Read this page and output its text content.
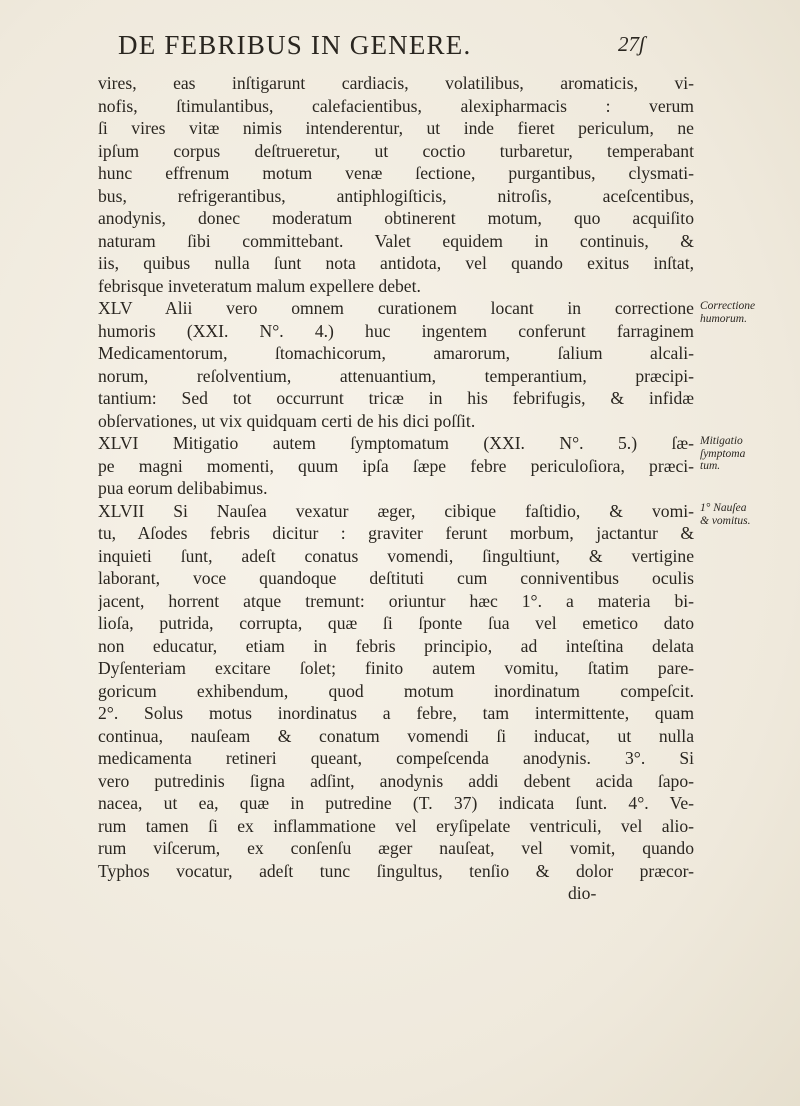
DE FEBRIBUS IN GENERE.	27ʃ
vires, eas inſtigarunt cardiacis, volatilibus, aromaticis, vi-
nofis, ſtimulantibus, calefacientibus, alexipharmacis : verum
ſi vires vitæ nimis intenderentur, ut inde fieret periculum, ne
ipſum corpus deſtrueretur, ut coctio turbaretur, temperabant
hunc effrenum motum venæ ſectione, purgantibus, clysmati-
bus, refrigerantibus, antiphlogiſticis, nitroſis, aceſcentibus,
anodynis, donec moderatum obtinerent motum, quo acquiſito
naturam ſibi committebant. Valet equidem in continuis, &
iis, quibus nulla ſunt nota antidota, vel quando exitus inſtat,
febrisque inveteratum malum expellere debet.
XLV Alii vero omnem curationem locant in correctione
humoris (XXI. N°. 4.) huc ingentem conferunt farraginem
Medicamentorum, ſtomachicorum, amarorum, ſalium alcali-
norum, reſolventium, attenuantium, temperantium, præcipi-
tantium: Sed tot occurrunt tricæ in his febrifugis, & infidæ
obſervationes, ut vix quidquam certi de his dici poſſit.
XLVI Mitigatio autem ſymptomatum (XXI. N°. 5.) ſæ-
pe magni momenti, quum ipſa ſæpe febre periculoſiora, præci-
pua eorum delibabimus.
XLVII Si Nauſea vexatur æger, cibique faſtidio, & vomi-
tu, Aſodes febris dicitur : graviter ferunt morbum, jactantur &
inquieti ſunt, adeſt conatus vomendi, ſingultiunt, & vertigine
laborant, voce quandoque deſtituti cum conniventibus oculis
jacent, horrent atque tremunt: oriuntur hæc 1°. a materia bi-
lioſa, putrida, corrupta, quæ ſi ſponte ſua vel emetico dato
non educatur, etiam in febris principio, ad inteſtina delata
Dyſenteriam excitare ſolet; finito autem vomitu, ſtatim pare-
goricum exhibendum, quod motum inordinatum compeſcit.
2°. Solus motus inordinatus a febre, tam intermittente, quam
continua, nauſeam & conatum vomendi ſi inducat, ut nulla
medicamenta retineri queant, compeſcenda anodynis. 3°. Si
vero putredinis ſigna adſint, anodynis addi debent acida ſapo-
nacea, ut ea, quæ in putredine (T. 37) indicata ſunt. 4°. Ve-
rum tamen ſi ex inflammatione vel eryſipelate ventriculi, vel alio-
rum viſcerum, ex conſenſu æger nauſeat, vel vomit, quando
Typhos vocatur, adeſt tunc ſingultus, tenſio & dolor præcor-
dio-
Correctione
humorum.
Mitigatio
ſymptoma
tum.
1° Nauſea
& vomitus.
